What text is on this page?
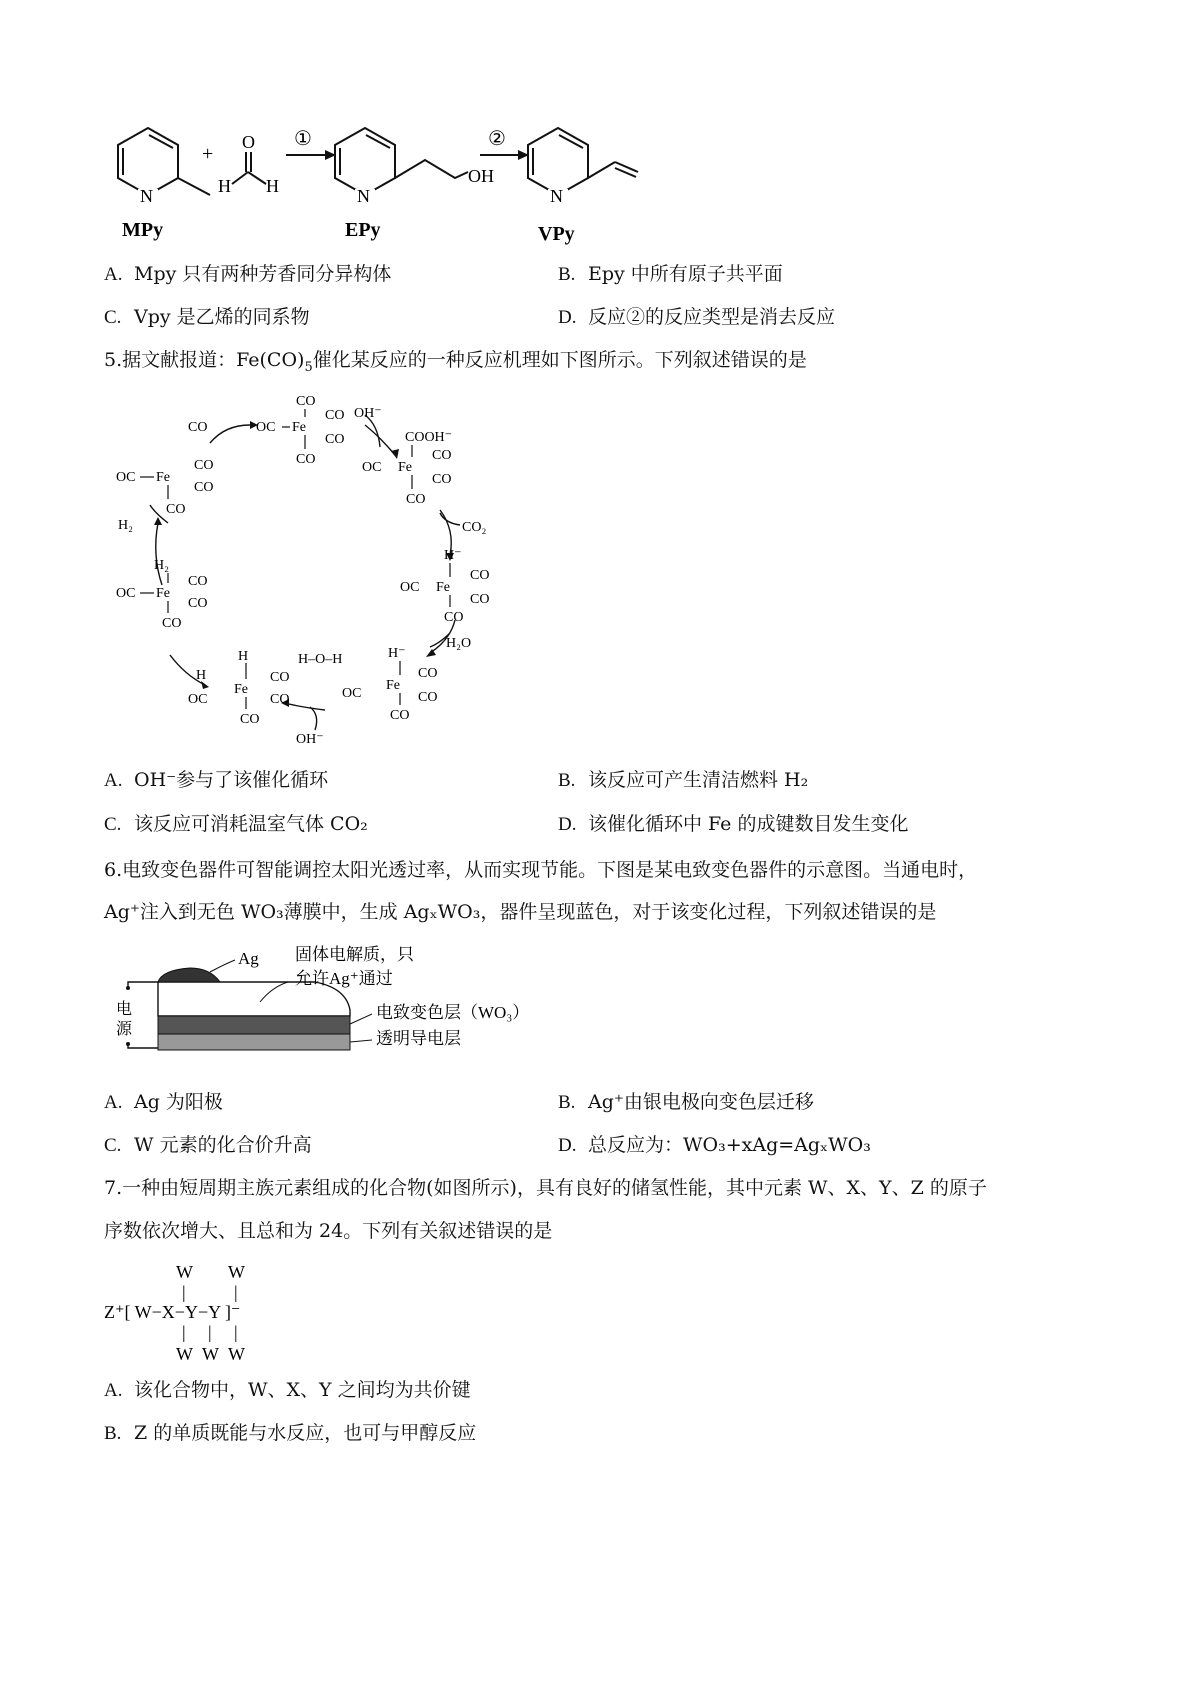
N	N	N
+
O
H H
①	②
OH
MPy	EPy	VPy
A. Mpy 只有两种芳香同分异构体	B. Epy 中所有原子共平面
C. Vpy 是乙烯的同系物	D. 反应②的反应类型是消去反应
5.据文献报道：$Fe(CO)_5$催化某反应的一种反应机理如下图所示。下列叙述错误的是
CO
OC Fe
CO
CO
CO
CO
OH⁻
COOH⁻
OC Fe
CO
CO
CO
CO₂
H⁻
OC Fe
CO
CO
CO
H₂O
H⁻
H–O–H
OC
Fe
CO
CO
CO
H
H
OC
Fe
CO
CO
CO
OH⁻
H₂
OC Fe
CO
CO
CO
OC Fe
CO
CO
CO
H₂
A. OH⁻参与了该催化循环	B. 该反应可产生清洁燃料 H₂
C. 该反应可消耗温室气体 CO₂	D. 该催化循环中 Fe 的成键数目发生变化
6.电致变色器件可智能调控太阳光透过率，从而实现节能。下图是某电致变色器件的示意图。当通电时，
Ag⁺注入到无色 WO₃薄膜中，生成 AgₓWO₃，器件呈现蓝色，对于该变化过程，下列叙述错误的是
电
源
Ag 固体电解质，只
允许Ag⁺通过
电致变色层（WO₃）
透明导电层
A. Ag 为阳极	B. Ag⁺由银电极向变色层迁移
C. W 元素的化合价升高	D. 总反应为：WO₃+xAg=AgₓWO₃
7.一种由短周期主族元素组成的化合物(如图所示)，具有良好的储氢性能，其中元素 W、X、Y、Z 的原子
序数依次增大、且总和为 24。下列有关叙述错误的是
W W
|	|
Z⁺[ W−X−Y−Y ]⁻
| | |
W W W
A. 该化合物中，W、X、Y 之间均为共价键
B. Z 的单质既能与水反应，也可与甲醇反应
